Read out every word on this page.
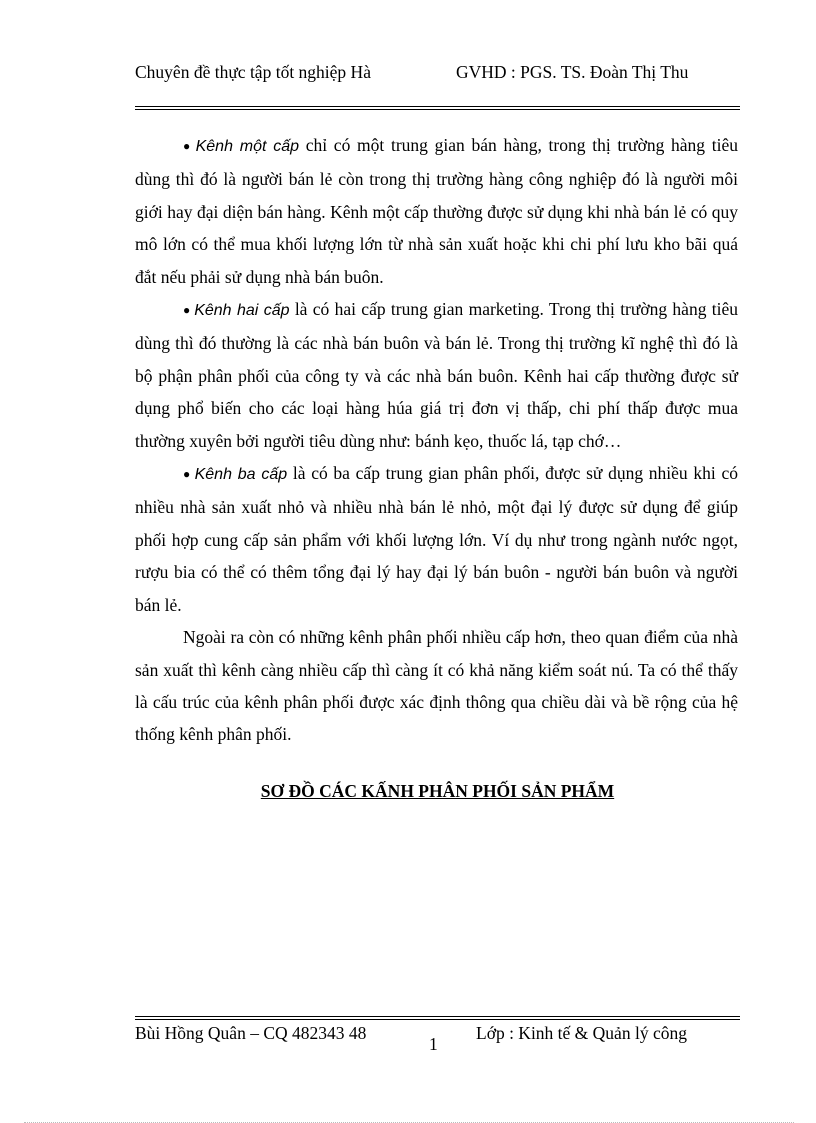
Chuyên đề thực tập tốt nghiệp Hà	GVHD : PGS. TS. Đoàn Thị Thu

● Kênh một cấp chỉ có một trung gian bán hàng, trong thị trường hàng tiêu dùng thì đó là người bán lẻ còn trong thị trường hàng công nghiệp đó là người môi giới hay đại diện bán hàng. Kênh một cấp thường được sử dụng khi nhà bán lẻ có quy mô lớn có thể mua khối lượng lớn từ nhà sản xuất hoặc khi chi phí lưu kho bãi quá đắt nếu phải sử dụng nhà bán buôn.

● Kênh hai cấp là có hai cấp trung gian marketing. Trong thị trường hàng tiêu dùng thì đó thường là các nhà bán buôn và bán lẻ. Trong thị trường kĩ nghệ thì đó là bộ phận phân phối của công ty và các nhà bán buôn. Kênh hai cấp thường được sử dụng phổ biến cho các loại hàng húa giá trị đơn vị thấp, chi phí thấp được mua thường xuyên bởi người tiêu dùng như: bánh kẹo, thuốc lá, tạp chớ…

● Kênh ba cấp là có ba cấp trung gian phân phối, được sử dụng nhiều khi có nhiều nhà sản xuất nhỏ và nhiều nhà bán lẻ nhỏ, một đại lý được sử dụng để giúp phối hợp cung cấp sản phẩm với khối lượng lớn. Ví dụ như trong ngành nước ngọt, rượu bia có thể có thêm tổng đại lý hay đại lý bán buôn - người bán buôn và người bán lẻ.

Ngoài ra còn có những kênh phân phối nhiều cấp hơn, theo quan điểm của nhà sản xuất thì kênh càng nhiều cấp thì càng ít có khả năng kiểm soát nú. Ta có thể thấy là cấu trúc của kênh phân phối được xác định thông qua chiều dài và bề rộng của hệ thống kênh phân phối.

SƠ ĐỒ CÁC KẤNH PHÂN PHỐI SẢN PHẨM
Bùi Hồng Quân – CQ 482343 48
1
Lớp : Kinh tế & Quản lý công
